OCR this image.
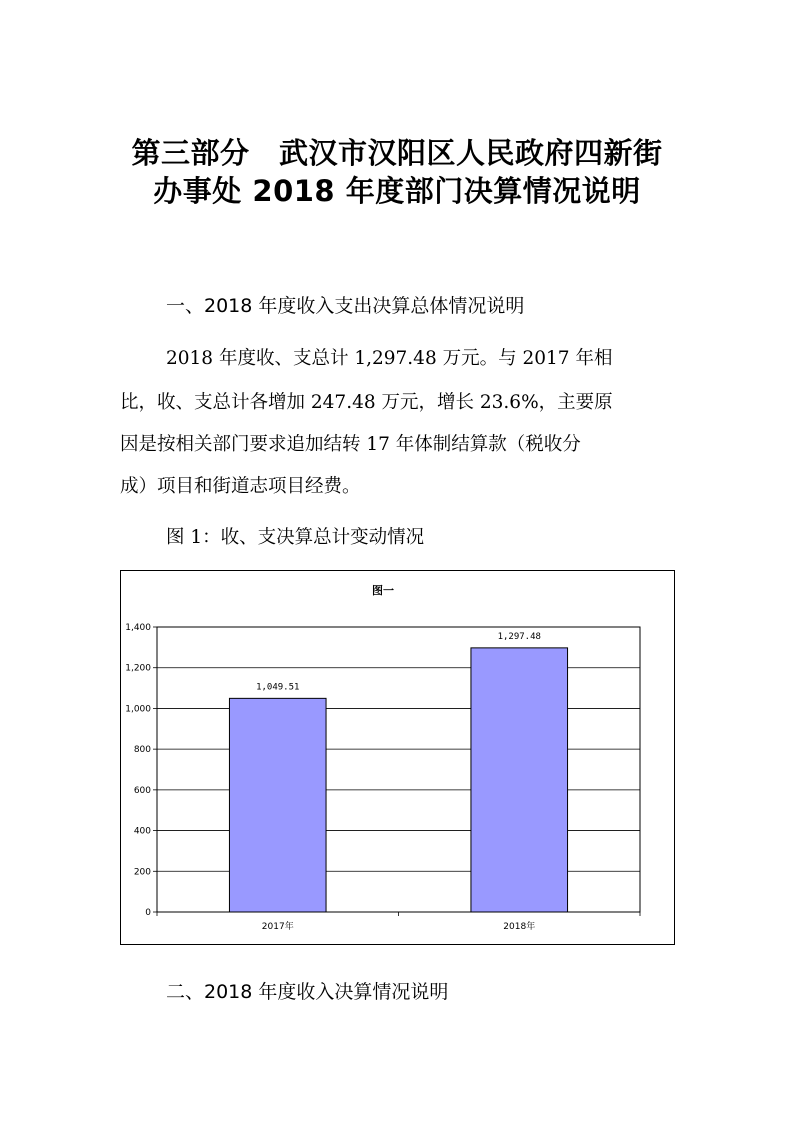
第三部分　武汉市汉阳区人民政府四新街
办事处 2018 年度部门决算情况说明
一、2018 年度收入支出决算总体情况说明
2018 年度收、支总计 1,297.48 万元。与 2017 年相
比，收、支总计各增加 247.48 万元，增长 23.6%，主要原
因是按相关部门要求追加结转 17 年体制结算款（税收分
成）项目和街道志项目经费。
图 1：收、支决算总计变动情况
图一
0
200
400
600
800
1,000
1,200
1,400
1,049.51
2017年
1,297.48
2018年
二、2018 年度收入决算情况说明
